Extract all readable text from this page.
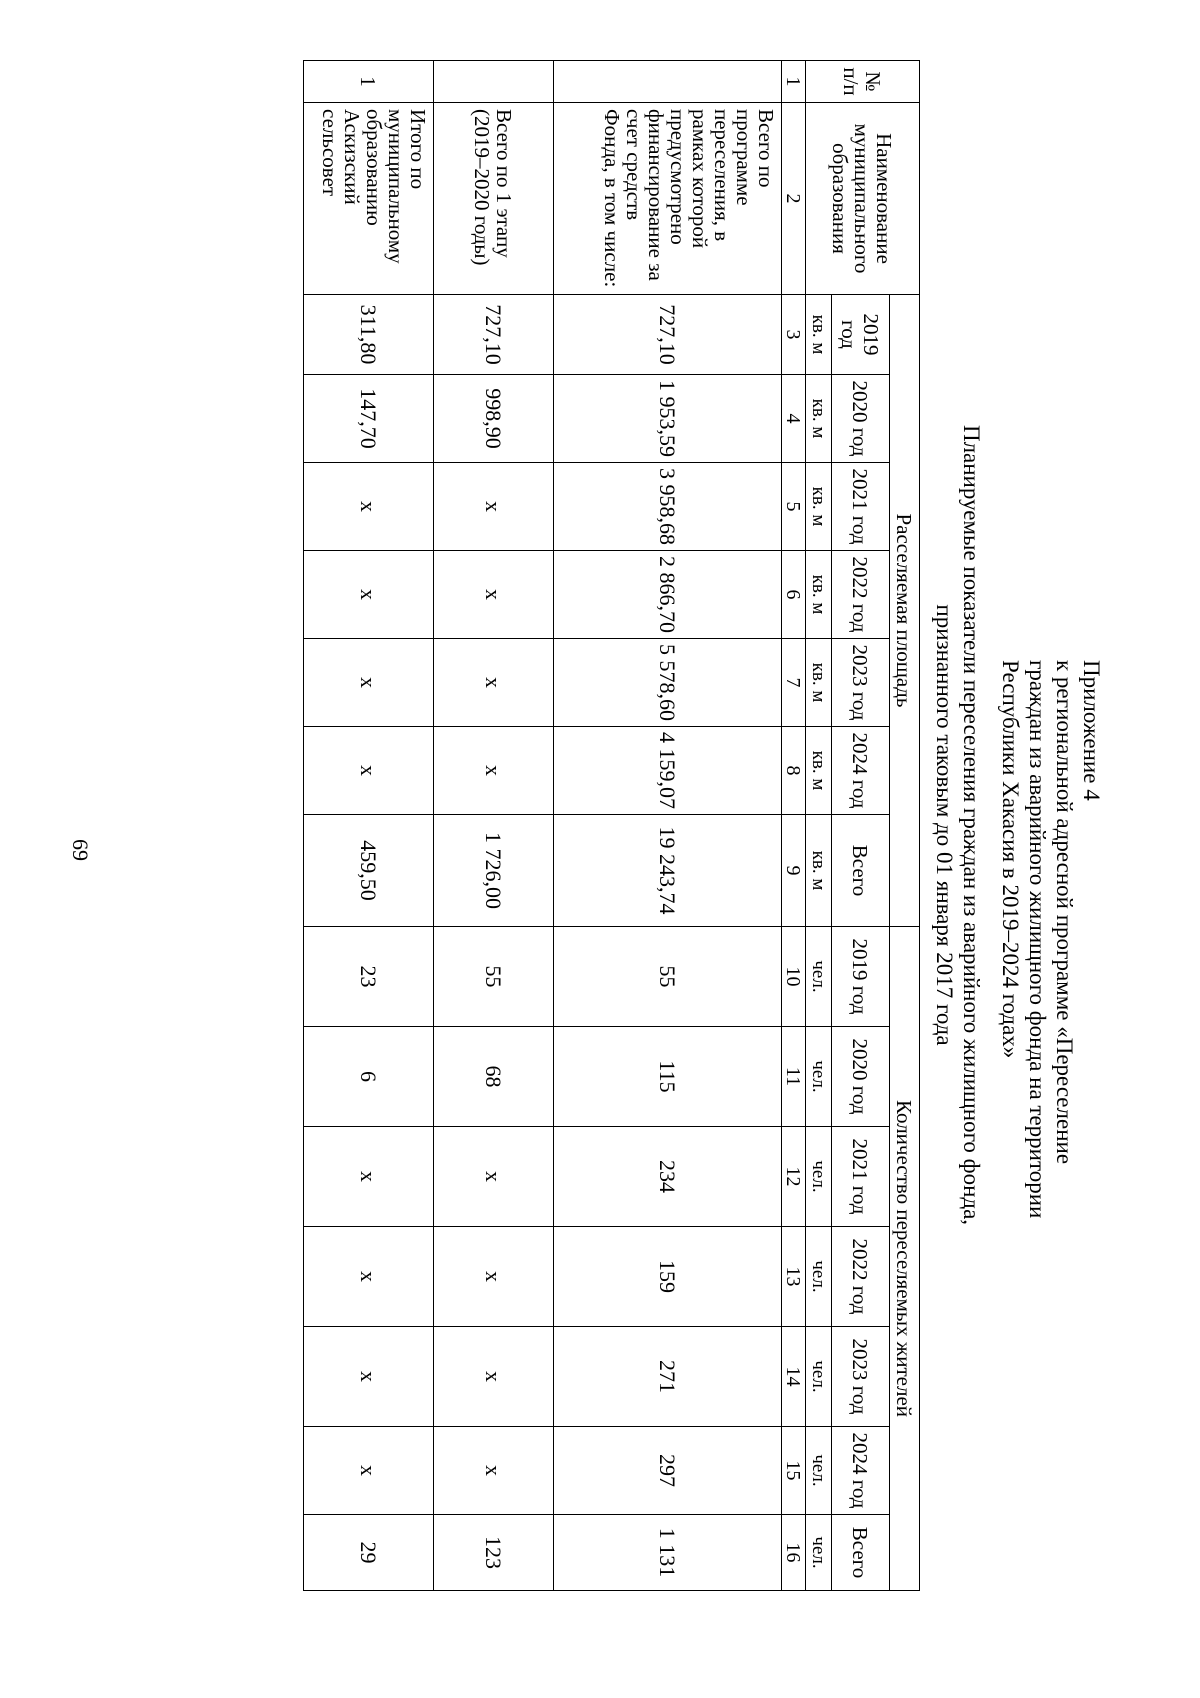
69
Приложение 4
к региональной адресной программе «Переселение
граждан из аварийного жилищного фонда на территории
Республики Хакасия в 2019–2024 годах»
Планируемые показатели переселения граждан из аварийного жилищного фонда,
признанного таковым до 01 января 2017 года
№ п/п	Наименование муниципального образования	Расселяемая площадь							Количество переселяемых жителей						
		2019 год	2020 год	2021 год	2022 год	2023 год	2024 год	Всего	2019 год	2020 год	2021 год	2022 год	2023 год	2024 год	Всего
		кв. м	кв. м	кв. м	кв. м	кв. м	кв. м	кв. м	чел.	чел.	чел.	чел.	чел.	чел.	чел.
1	2	3	4	5	6	7	8	9	10	11	12	13	14	15	16
	Всего по программе переселения, в рамках которой предусмотрено финансирование за счет средств Фонда, в том числе:	727,10	1 953,59	3 958,68	2 866,70	5 578,60	4 159,07	19 243,74	55	115	234	159	271	297	1 131
	Всего по 1 этапу (2019–2020 годы)	727,10	998,90	х	х	х	х	1 726,00	55	68	х	х	х	х	123
1	Итого по муниципальному образованию Аскизский сельсовет	311,80	147,70	х	х	х	х	459,50	23	6	х	х	х	х	29
